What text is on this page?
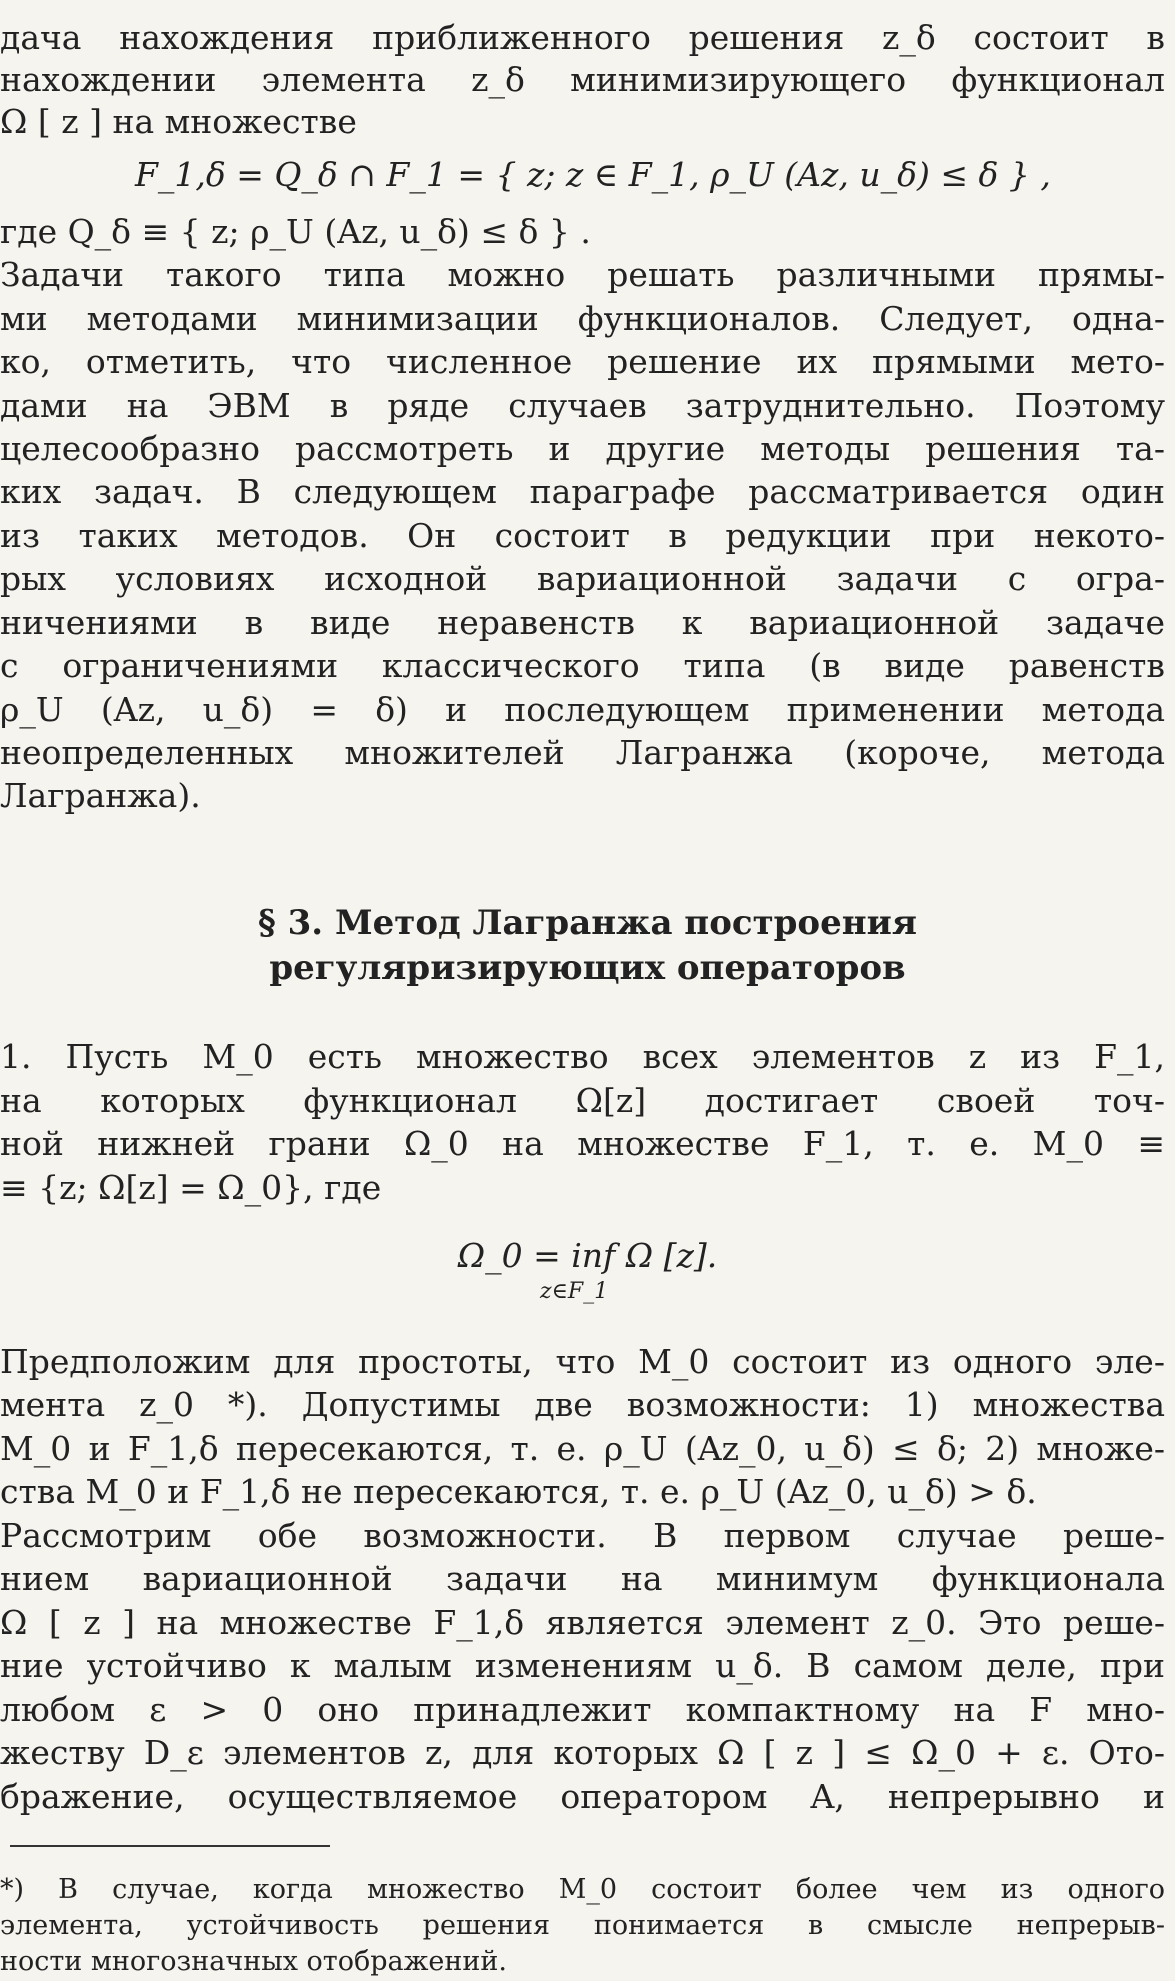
дача нахождения приближенного решения z_δ состоит в
нахождении элемента z_δ минимизирующего функционал
Ω [ z ] на множестве
F_1,δ = Q_δ ∩ F_1 = { z; z ∈ F_1, ρ_U (Az, u_δ) ≤ δ } ,
где Q_δ ≡ { z; ρ_U (Az, u_δ) ≤ δ } .
Задачи такого типа можно решать различными прямы-
ми методами минимизации функционалов. Следует, одна-
ко, отметить, что численное решение их прямыми мето-
дами на ЭВМ в ряде случаев затруднительно. Поэтому
целесообразно рассмотреть и другие методы решения та-
ких задач. В следующем параграфе рассматривается один
из таких методов. Он состоит в редукции при некото-
рых условиях исходной вариационной задачи с огра-
ничениями в виде неравенств к вариационной задаче
с ограничениями классического типа (в виде равенств
ρ_U (Az, u_δ) = δ) и последующем применении метода
неопределенных множителей Лагранжа (короче, метода
Лагранжа).
§ 3. Метод Лагранжа построения
регуляризирующих операторов
1. Пусть M_0 есть множество всех элементов z из F_1,
на которых функционал Ω[z] достигает своей точ-
ной нижней грани Ω_0 на множестве F_1, т. е. M_0 ≡
≡ {z; Ω[z] = Ω_0}, где
Ω_0 = inf Ω [z].
z∈F_1
Предположим для простоты, что M_0 состоит из одного эле-
мента z_0 *). Допустимы две возможности: 1) множества
M_0 и F_1,δ пересекаются, т. е. ρ_U (Az_0, u_δ) ≤ δ; 2) множе-
ства M_0 и F_1,δ не пересекаются, т. е. ρ_U (Az_0, u_δ) > δ.
Рассмотрим обе возможности. В первом случае реше-
нием вариационной задачи на минимум функционала
Ω [ z ] на множестве F_1,δ является элемент z_0. Это реше-
ние устойчиво к малым изменениям u_δ. В самом деле, при
любом ε > 0 оно принадлежит компактному на F мно-
жеству D_ε элементов z, для которых Ω [ z ] ≤ Ω_0 + ε. Ото-
бражение, осуществляемое оператором A, непрерывно и
*) В случае, когда множество M_0 состоит более чем из одного
элемента, устойчивость решения понимается в смысле непрерыв-
ности многозначных отображений.
